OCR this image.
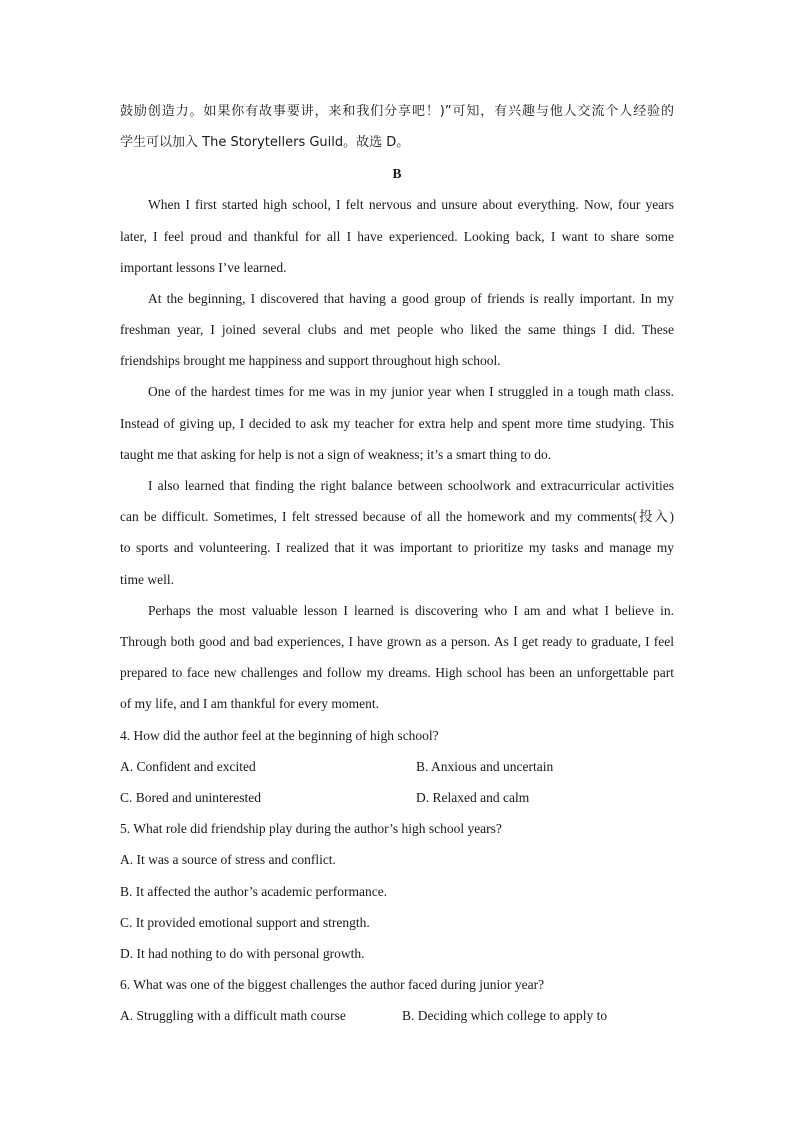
鼓励创造力。如果你有故事要讲，来和我们分享吧！)”可知，有兴趣与他人交流个人经验的
学生可以加入 The Storytellers Guild。故选 D。
B
When I first started high school, I felt nervous and unsure about everything. Now, four years
later, I feel proud and thankful for all I have experienced. Looking back, I want to share some
important lessons I’ve learned.
At the beginning, I discovered that having a good group of friends is really important. In my
freshman year, I joined several clubs and met people who liked the same things I did. These
friendships brought me happiness and support throughout high school.
One of the hardest times for me was in my junior year when I struggled in a tough math class.
Instead of giving up, I decided to ask my teacher for extra help and spent more time studying. This
taught me that asking for help is not a sign of weakness; it’s a smart thing to do.
I also learned that finding the right balance between schoolwork and extracurricular activities
can be difficult. Sometimes, I felt stressed because of all the homework and my comments(投入)
to sports and volunteering. I realized that it was important to prioritize my tasks and manage my
time well.
Perhaps the most valuable lesson I learned is discovering who I am and what I believe in.
Through both good and bad experiences, I have grown as a person. As I get ready to graduate, I feel
prepared to face new challenges and follow my dreams. High school has been an unforgettable part
of my life, and I am thankful for every moment.
4. How did the author feel at the beginning of high school?
A. Confident and excited	B. Anxious and uncertain
C. Bored and uninterested	D. Relaxed and calm
5. What role did friendship play during the author’s high school years?
A. It was a source of stress and conflict.
B. It affected the author’s academic performance.
C. It provided emotional support and strength.
D. It had nothing to do with personal growth.
6. What was one of the biggest challenges the author faced during junior year?
A. Struggling with a difficult math course	B. Deciding which college to apply to
